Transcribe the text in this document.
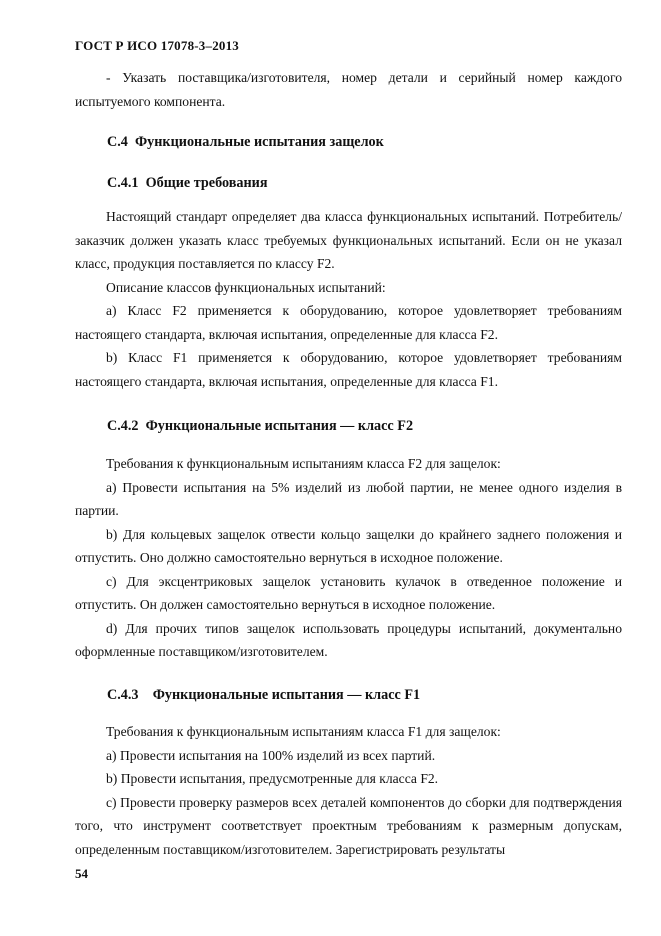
ГОСТ Р ИСО 17078-3–2013

- Указать поставщика/изготовителя, номер детали и серийный номер каждого испытуемого компонента.

С.4  Функциональные испытания защелок
С.4.1  Общие требования

Настоящий стандарт определяет два класса функциональных испытаний. Потребитель/заказчик должен указать класс требуемых функциональных испытаний. Если он не указал класс, продукция поставляется по классу F2.

Описание классов функциональных испытаний:

a) Класс F2 применяется к оборудованию, которое удовлетворяет требованиям настоящего стандарта, включая испытания, определенные для класса F2.

b) Класс F1 применяется к оборудованию, которое удовлетворяет требованиям настоящего стандарта, включая испытания, определенные для класса F1.

С.4.2  Функциональные испытания — класс F2

Требования к функциональным испытаниям класса F2 для защелок:

a) Провести испытания на 5% изделий из любой партии, не менее одного изделия в партии.

b) Для кольцевых защелок отвести кольцо защелки до крайнего заднего положения и отпустить. Оно должно самостоятельно вернуться в исходное положение.

c) Для эксцентриковых защелок установить кулачок в отведенное положение и отпустить. Он должен самостоятельно вернуться в исходное положение.

d) Для прочих типов защелок использовать процедуры испытаний, документально оформленные поставщиком/изготовителем.

С.4.3    Функциональные испытания — класс F1

Требования к функциональным испытаниям класса F1 для защелок:

a) Провести испытания на 100% изделий из всех партий.

b) Провести испытания, предусмотренные для класса F2.

c) Провести проверку размеров всех деталей компонентов до сборки для подтверждения того, что инструмент соответствует проектным требованиям к размерным допускам, определенным поставщиком/изготовителем. Зарегистрировать результаты

54
